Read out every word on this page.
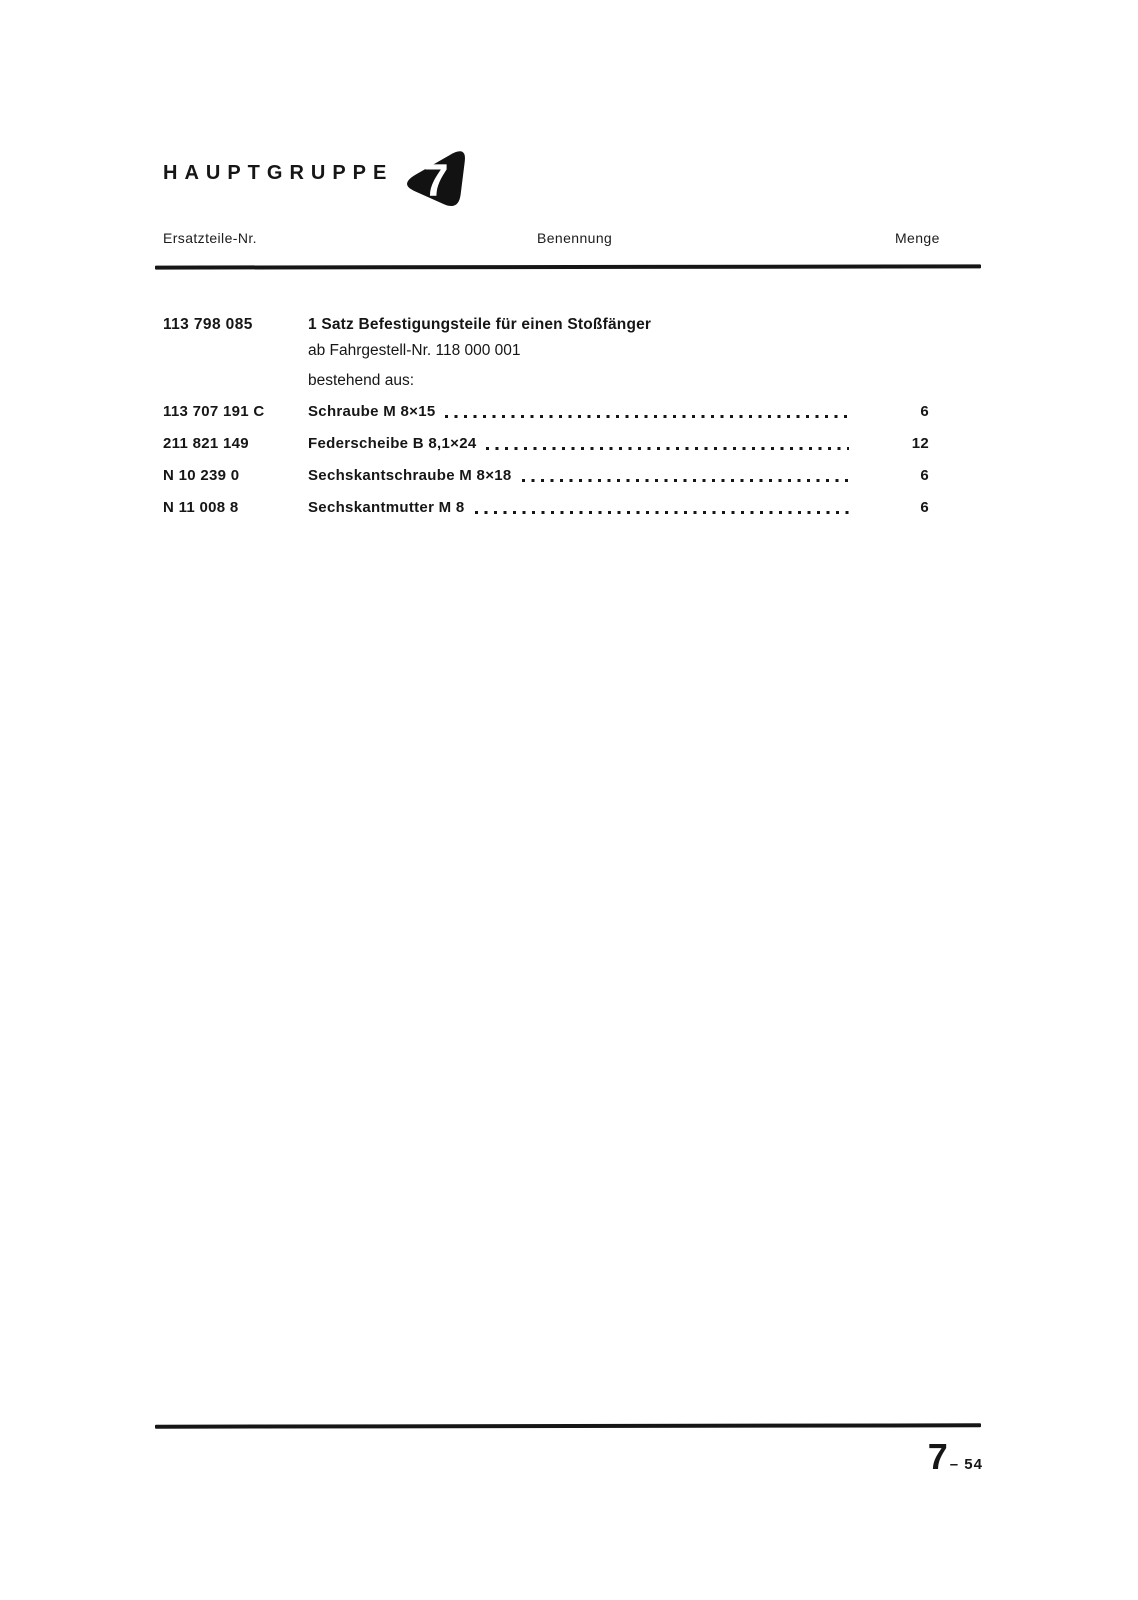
HAUPTGRUPPE 7
Ersatzteile-Nr.	Benennung	Menge
113 798 085	1 Satz Befestigungsteile für einen Stoßfänger
ab Fahrgestell-Nr. 118 000 001
bestehend aus:
113 707 191 C	Schraube M 8×15	6
211 821 149	Federscheibe B 8,1×24	12
N 10 239 0	Sechskantschraube M 8×18	6
N 11 008 8	Sechskantmutter M 8	6
7 – 54
